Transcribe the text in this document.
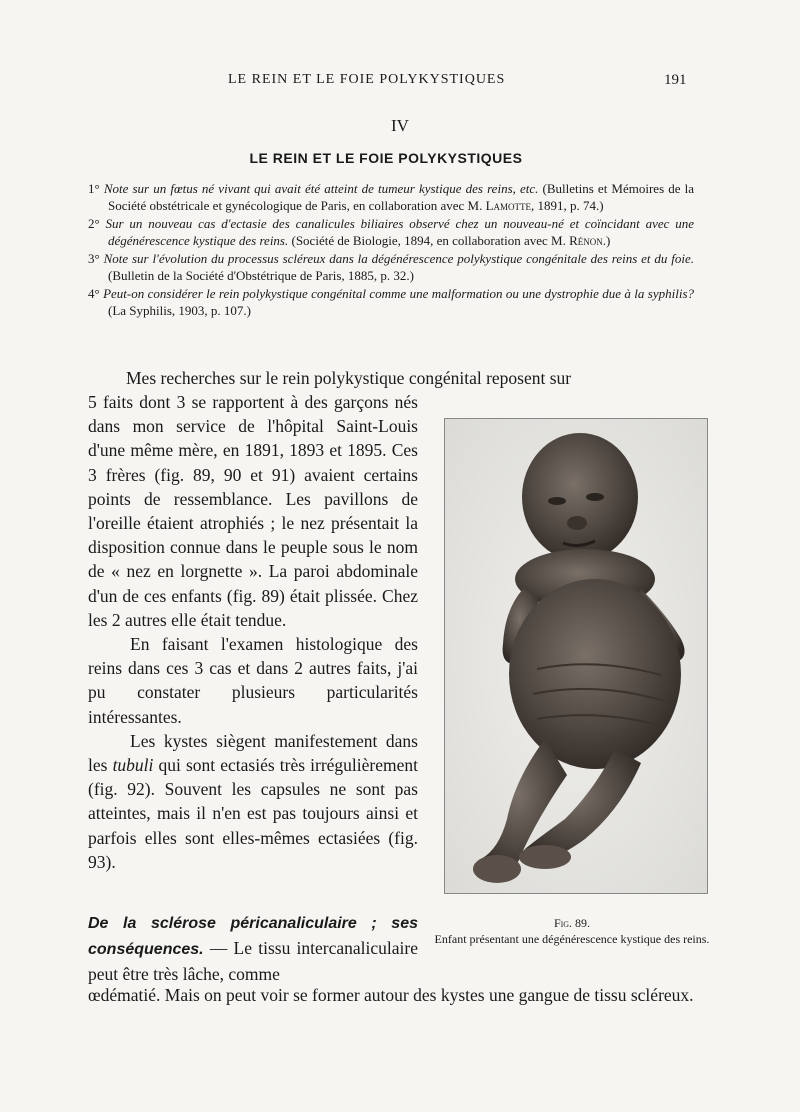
LE REIN ET LE FOIE POLYKYSTIQUES	191
IV
LE REIN ET LE FOIE POLYKYSTIQUES
1° Note sur un fœtus né vivant qui avait été atteint de tumeur kystique des reins, etc. (Bulletins et Mémoires de la Société obstétricale et gynécologique de Paris, en collaboration avec M. Lamotte, 1891, p. 74.)
2° Sur un nouveau cas d'ectasie des canalicules biliaires observé chez un nouveau-né et coïncidant avec une dégénérescence kystique des reins. (Société de Biologie, 1894, en collaboration avec M. Rénon.)
3° Note sur l'évolution du processus scléreux dans la dégénérescence polykystique congénitale des reins et du foie. (Bulletin de la Société d'Obstétrique de Paris, 1885, p. 32.)
4° Peut-on considérer le rein polykystique congénital comme une malformation ou une dystrophie due à la syphilis? (La Syphilis, 1903, p. 107.)
Mes recherches sur le rein polykystique congénital reposent sur

5 faits dont 3 se rapportent à des garçons nés dans mon service de l'hôpital Saint-Louis d'une même mère, en 1891, 1893 et 1895. Ces 3 frères (fig. 89, 90 et 91) avaient certains points de ressemblance. Les pavillons de l'oreille étaient atrophiés ; le nez présentait la disposition connue dans le peuple sous le nom de « nez en lorgnette ». La paroi abdominale d'un de ces enfants (fig. 89) était plissée. Chez les 2 autres elle était tendue.

En faisant l'examen histologique des reins dans ces 3 cas et dans 2 autres faits, j'ai pu constater plusieurs particularités intéressantes.

Les kystes siègent manifestement dans les tubuli qui sont ectasiés très irrégulièrement (fig. 92). Souvent les capsules ne sont pas atteintes, mais il n'en est pas toujours ainsi et parfois elles sont elles-mêmes ectasiées (fig. 93).

Fig. 89.
Enfant présentant une dégénérescence kystique des reins.

De la sclérose péricanaliculaire ; ses conséquences. — Le tissu intercanaliculaire peut être très lâche, comme

œdématié. Mais on peut voir se former autour des kystes une gangue de tissu scléreux.
